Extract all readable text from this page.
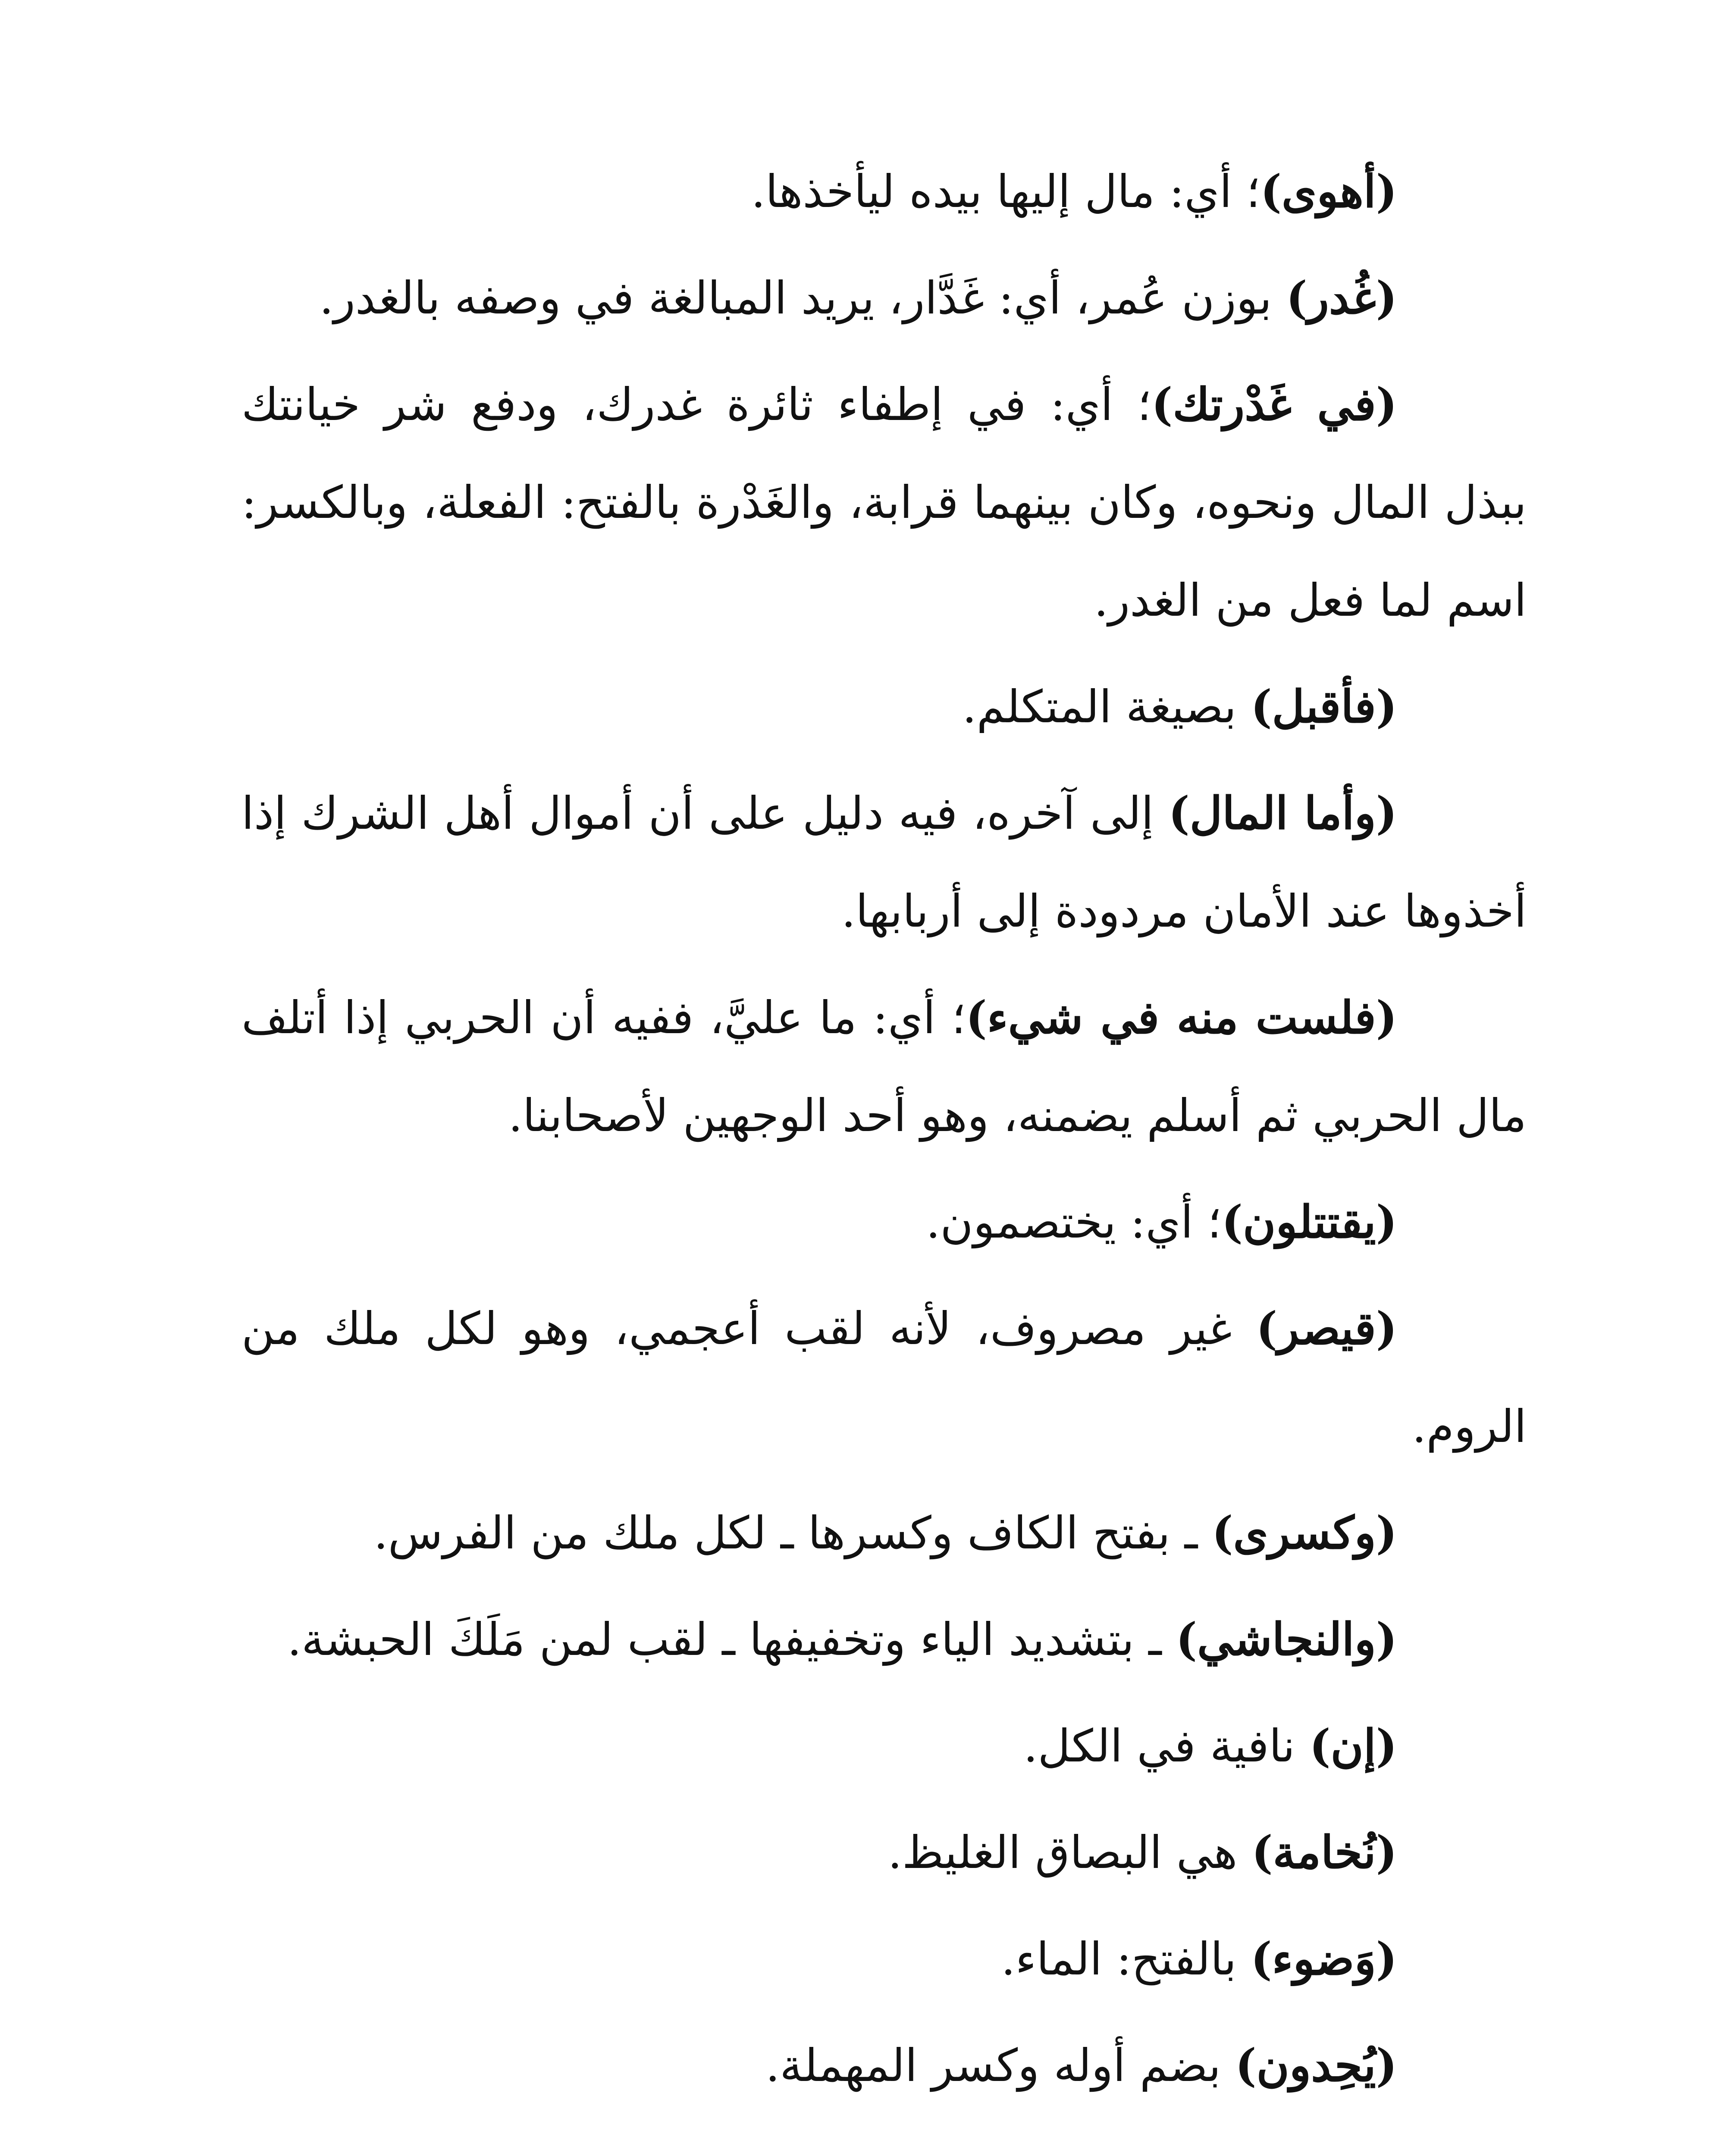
(أهوى)؛ أي: مال إليها بيده ليأخذها.

(غُدر) بوزن عُمر، أي: غَدَّار، يريد المبالغة في وصفه بالغدر.

(في غَدْرتك)؛ أي: في إطفاء ثائرة غدرك، ودفع شر خيانتك ببذل المال ونحوه، وكان بينهما قرابة، والغَدْرة بالفتح: الفعلة، وبالكسر: اسم لما فعل من الغدر.

(فأقبل) بصيغة المتكلم.

(وأما المال) إلى آخره، فيه دليل على أن أموال أهل الشرك إذا أخذوها عند الأمان مردودة إلى أربابها.

(فلست منه في شيء)؛ أي: ما عليَّ، ففيه أن الحربي إذا أتلف مال الحربي ثم أسلم يضمنه، وهو أحد الوجهين لأصحابنا.

(يقتتلون)؛ أي: يختصمون.

(قيصر) غير مصروف، لأنه لقب أعجمي، وهو لكل ملك من الروم.

(وكسرى) ـ بفتح الكاف وكسرها ـ لكل ملك من الفرس.

(والنجاشي) ـ بتشديد الياء وتخفيفها ـ لقب لمن مَلَكَ الحبشة.

(إن) نافية في الكل.

(نُخامة) هي البصاق الغليظ.

(وَضوء) بالفتح: الماء.

(يُحِدون) بضم أوله وكسر المهملة.
